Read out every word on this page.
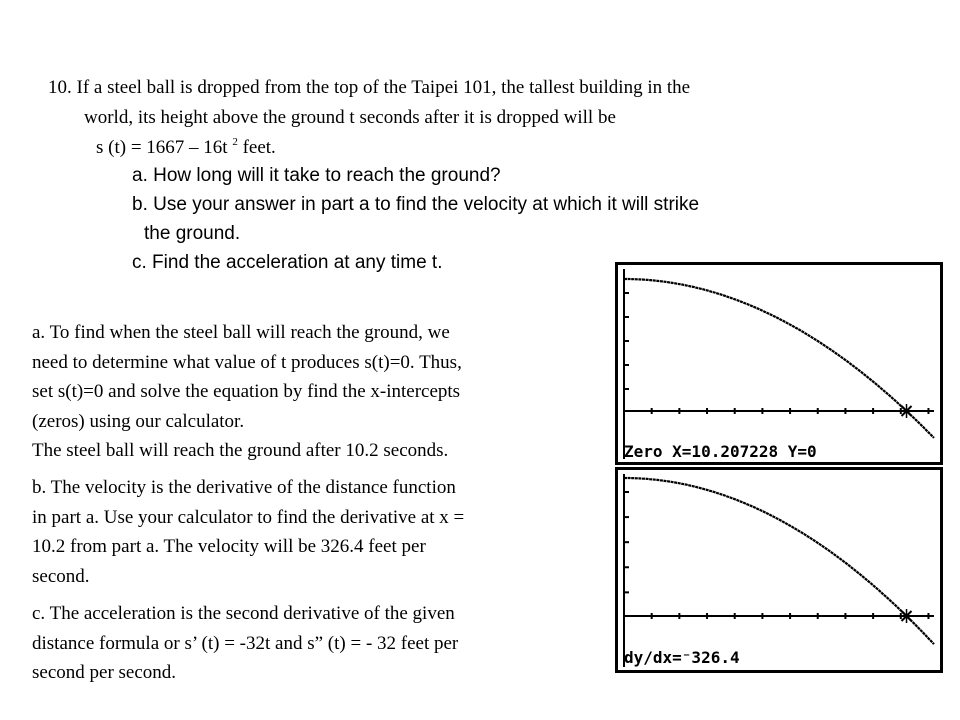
10. If a steel ball is dropped from the top of the Taipei 101, the tallest building in the
world, its height above the ground t seconds after it is dropped will be
s (t) = 1667 – 16t $^2$ feet.
a. How long will it take to reach the ground?
b. Use your answer in part a to find the velocity at which it will strike
the ground.
c. Find the acceleration at any time t.
a. To find when the steel ball will reach the ground, we
need to determine what value of t produces s(t)=0. Thus,
set s(t)=0 and solve the equation by find the x-intercepts
(zeros) using our calculator.
The steel ball will reach the ground after 10.2 seconds.
b. The velocity is the derivative of the distance function
in part a. Use your calculator to find the derivative at x =
10.2 from part a. The velocity will be 326.4 feet per
second.
c. The acceleration is the second derivative of the given
distance formula or s’ (t) = -32t and s” (t) = - 32 feet per
second per second.
Zero X=10.207228 Y=0
dy/dx=⁻326.4
